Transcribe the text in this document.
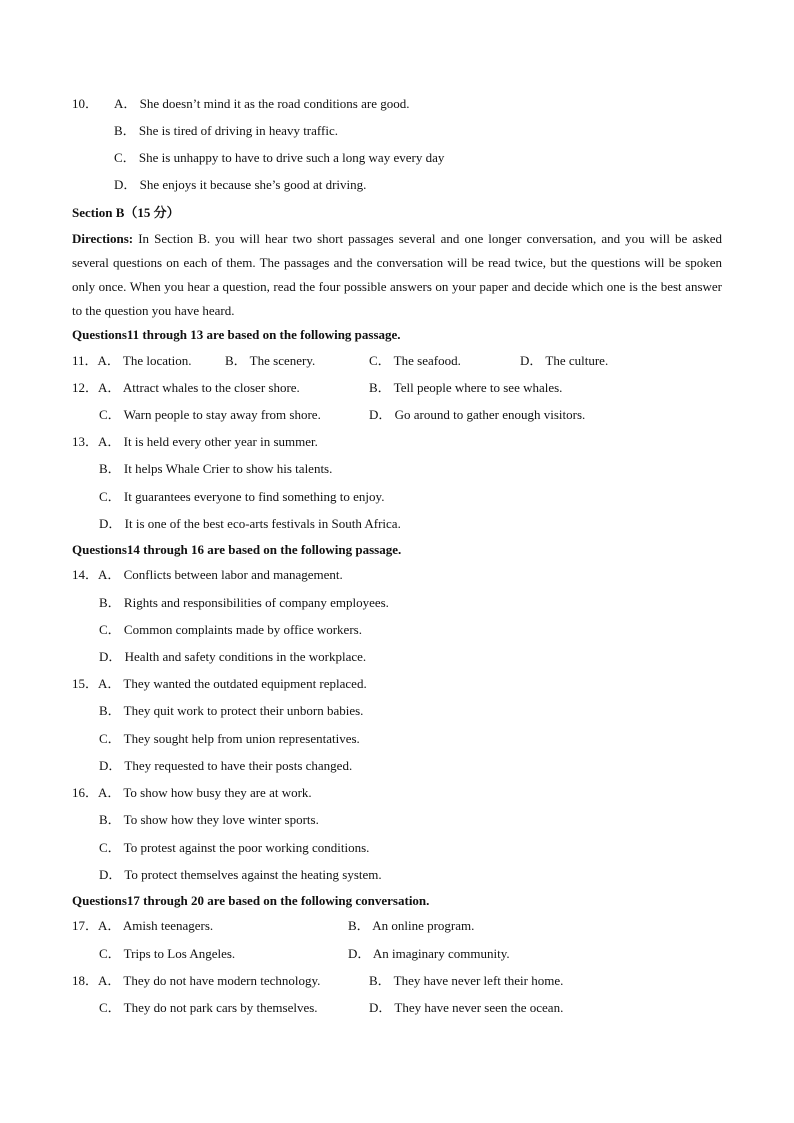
10． A． She doesn’t mind it as the road conditions are good.
B． She is tired of driving in heavy traffic.
C． She is unhappy to have to drive such a long way every day
D． She enjoys it because she’s good at driving.
Section B（15 分）
Directions: In Section B. you will hear two short passages several and one longer conversation, and you will be asked several questions on each of them. The passages and the conversation will be read twice, but the questions will be spoken only once. When you hear a question, read the four possible answers on your paper and decide which one is the best answer to the question you have heard.
Questions11 through 13 are based on the following passage.
11．A． The location.	B． The scenery.	C． The seafood.	D． The culture.
12．A． Attract whales to the closer shore.	B． Tell people where to see whales.
C． Warn people to stay away from shore.	D． Go around to gather enough visitors.
13．A． It is held every other year in summer.
B． It helps Whale Crier to show his talents.
C． It guarantees everyone to find something to enjoy.
D． It is one of the best eco-arts festivals in South Africa.
Questions14 through 16 are based on the following passage.
14．A． Conflicts between labor and management.
B． Rights and responsibilities of company employees.
C． Common complaints made by office workers.
D． Health and safety conditions in the workplace.
15．A． They wanted the outdated equipment replaced.
B． They quit work to protect their unborn babies.
C． They sought help from union representatives.
D． They requested to have their posts changed.
16．A． To show how busy they are at work.
B． To show how they love winter sports.
C． To protest against the poor working conditions.
D． To protect themselves against the heating system.
Questions17 through 20 are based on the following conversation.
17．A． Amish teenagers.	B． An online program.
C． Trips to Los Angeles.	D． An imaginary community.
18．A． They do not have modern technology.	B． They have never left their home.
C． They do not park cars by themselves.	D． They have never seen the ocean.
